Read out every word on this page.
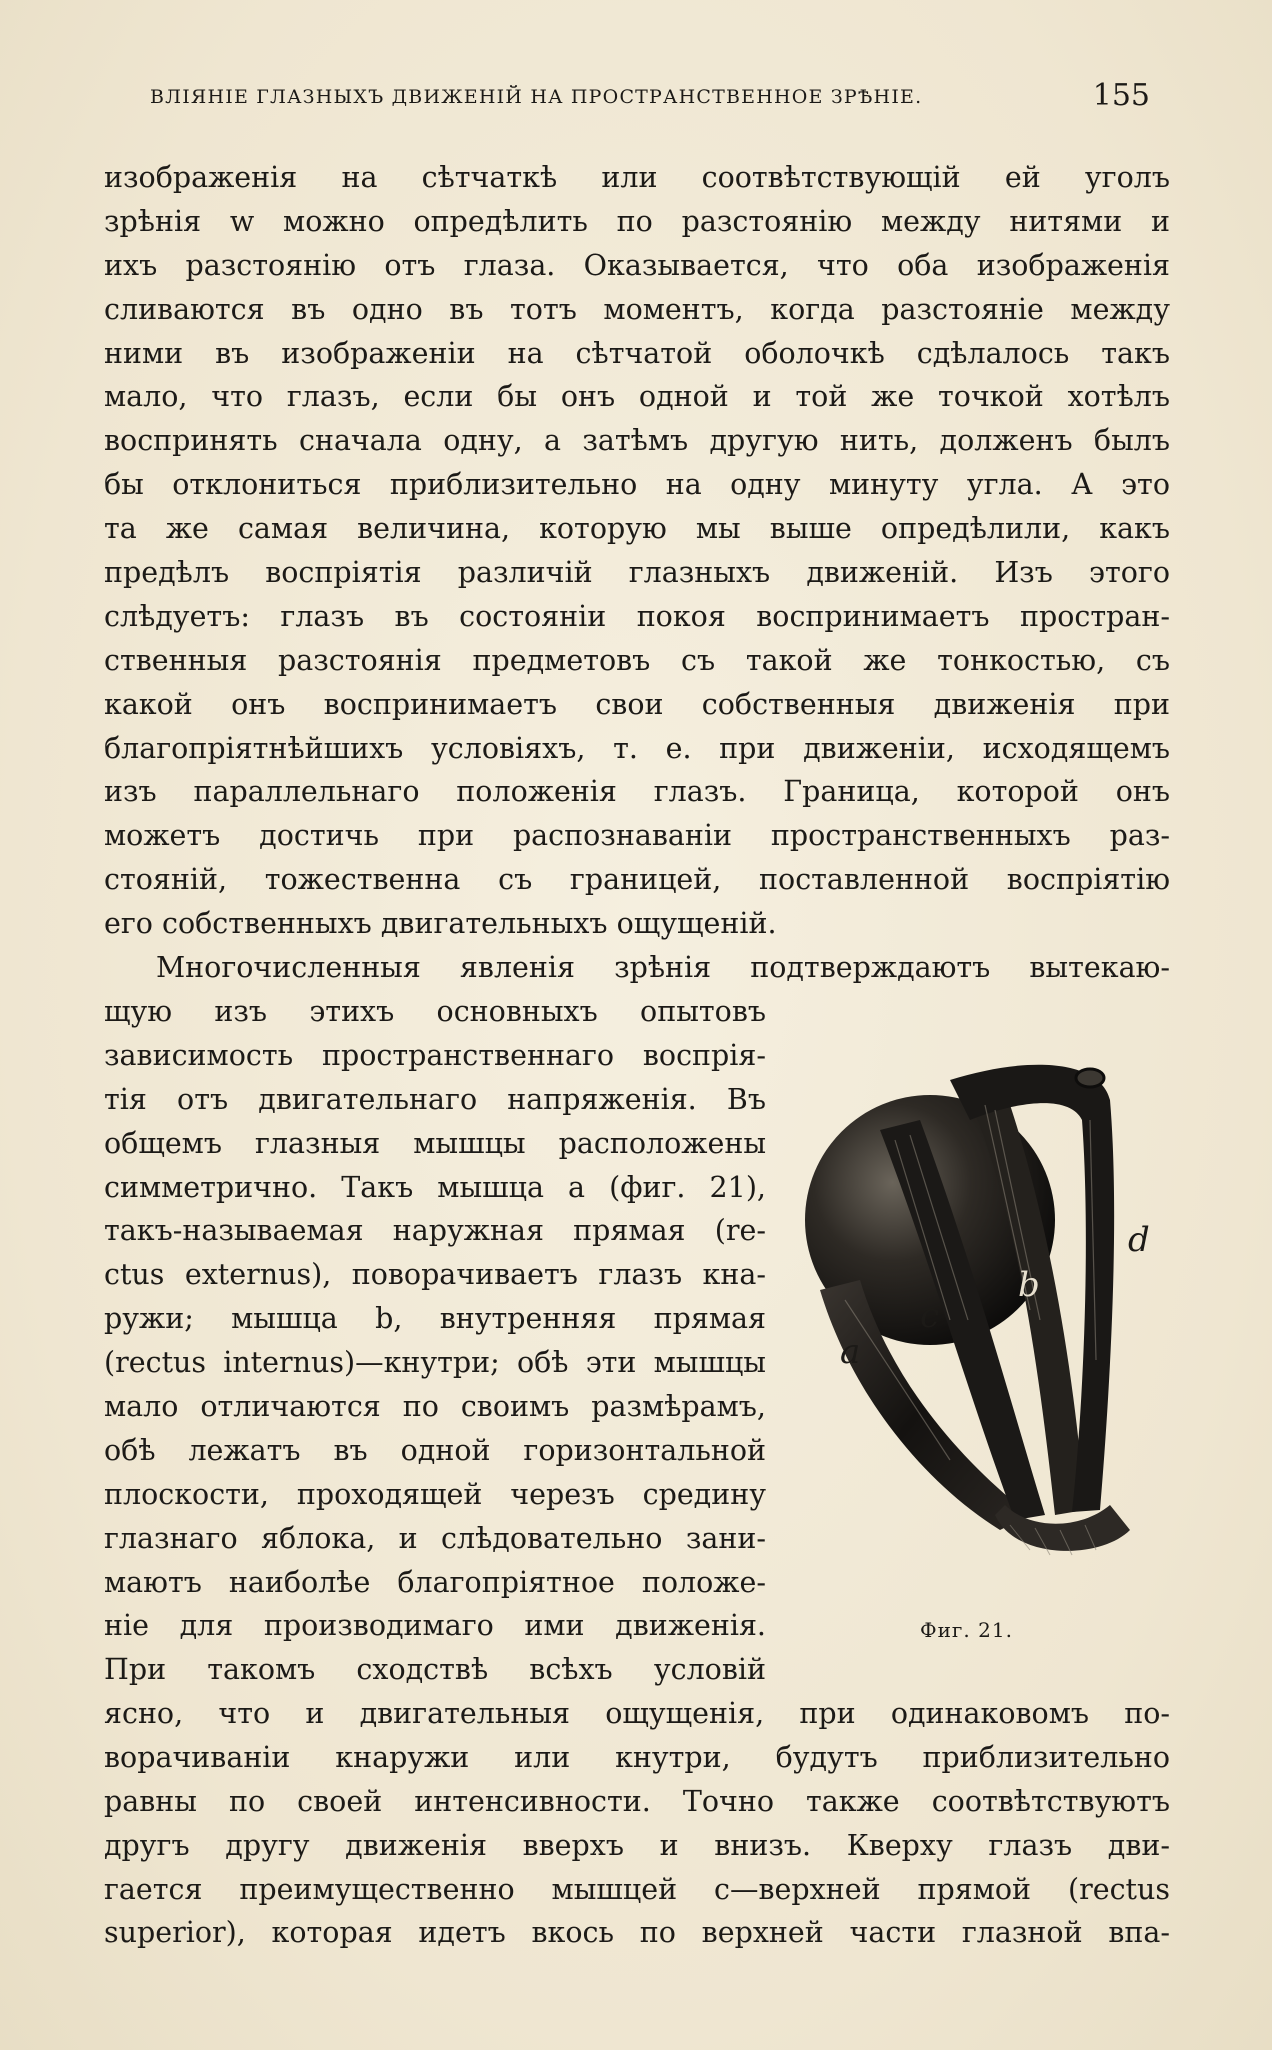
ВЛІЯНІЕ ГЛАЗНЫХЪ ДВИЖЕНІЙ НА ПРОСТРАНСТВЕННОЕ ЗРѢНІЕ.	155
изображенія на сѣтчаткѣ или соотвѣтствующій ей уголъ
зрѣнія w можно опредѣлить по разстоянію между нитями и
ихъ разстоянію отъ глаза. Оказывается, что оба изображенія
сливаются въ одно въ тотъ моментъ, когда разстояніе между
ними въ изображеніи на сѣтчатой оболочкѣ сдѣлалось такъ
мало, что глазъ, если бы онъ одной и той же точкой хотѣлъ
воспринять сначала одну, а затѣмъ другую нить, долженъ былъ
бы отклониться приблизительно на одну минуту угла. А это
та же самая величина, которую мы выше опредѣлили, какъ
предѣлъ воспріятія различій глазныхъ движеній. Изъ этого
слѣдуетъ: глазъ въ состояніи покоя воспринимаетъ простран-
ственныя разстоянія предметовъ съ такой же тонкостью, съ
какой онъ воспринимаетъ свои собственныя движенія при
благопріятнѣйшихъ условіяхъ, т. е. при движеніи, исходящемъ
изъ параллельнаго положенія глазъ. Граница, которой онъ
можетъ достичь при распознаваніи пространственныхъ раз-
стояній, тожественна съ границей, поставленной воспріятію
его собственныхъ двигательныхъ ощущеній.
Многочисленныя явленія зрѣнія подтверждаютъ вытекаю-
щую изъ этихъ основныхъ опытовъ
зависимость пространственнаго воспрія-
тія отъ двигательнаго напряженія. Въ
общемъ глазныя мышцы расположены
симметрично. Такъ мышца a (фиг. 21),
такъ-называемая наружная прямая (re-
ctus externus), поворачиваетъ глазъ кна-
ружи; мышца b, внутренняя прямая
(rectus internus)—кнутри; обѣ эти мышцы
мало отличаются по своимъ размѣрамъ,
обѣ лежатъ въ одной горизонтальной
плоскости, проходящей черезъ средину
глазнаго яблока, и слѣдовательно зани-
маютъ наиболѣе благопріятное положе-
ніе для производимаго ими движенія.
При такомъ сходствѣ всѣхъ условій
ясно, что и двигательныя ощущенія, при одинаковомъ по-
ворачиваніи кнаружи или кнутри, будутъ приблизительно
равны по своей интенсивности. Точно также соотвѣтствуютъ
другъ другу движенія вверхъ и внизъ. Кверху глазъ дви-
гается преимущественно мышцей c—верхней прямой (rectus
superior), которая идетъ вкось по верхней части глазной впа-
a
b
c
d
Фиг. 21.
